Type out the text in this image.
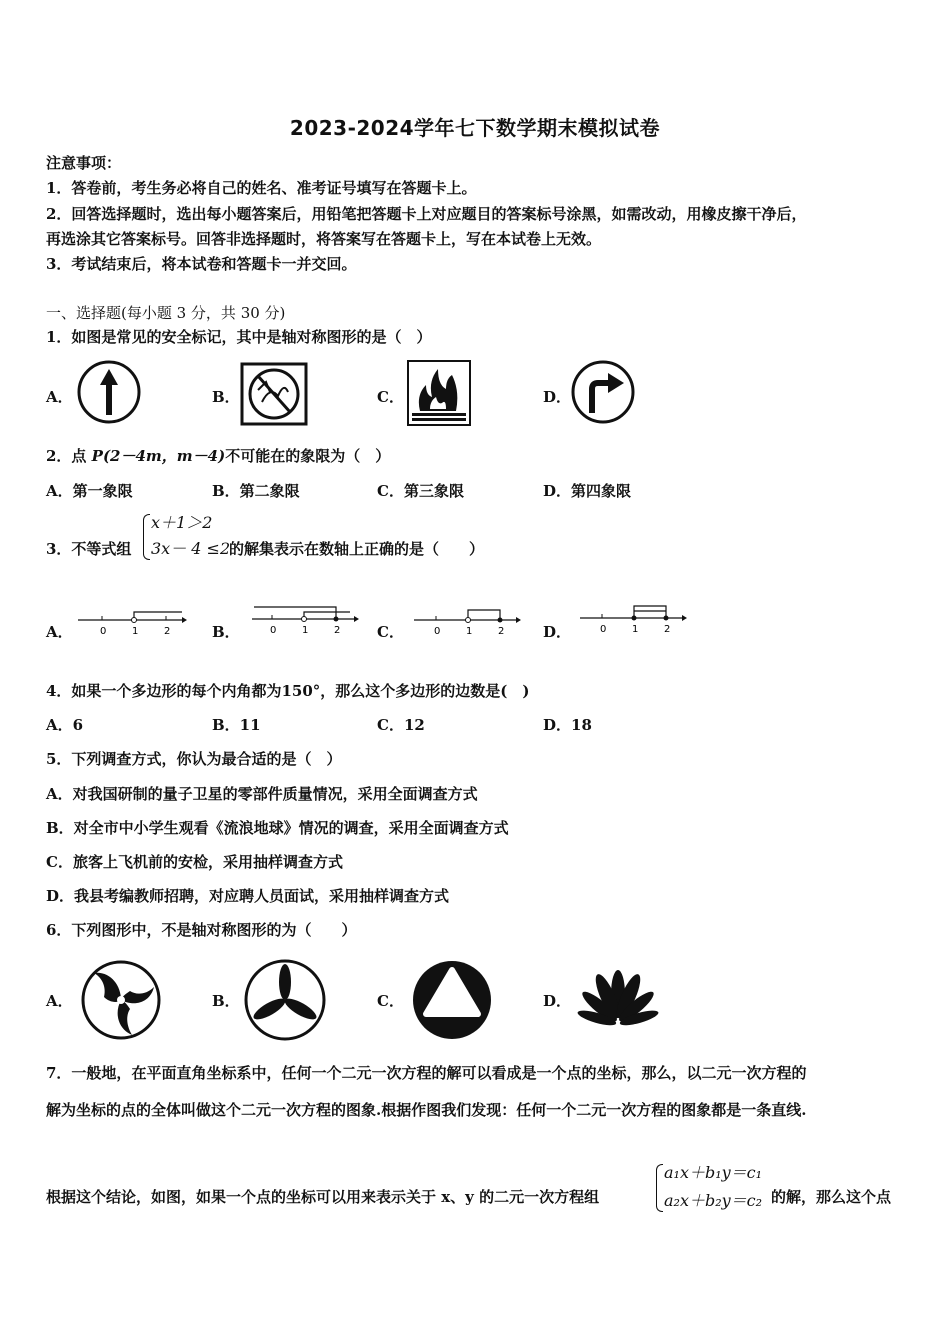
2023-2024学年七下数学期末模拟试卷
注意事项：
1．答卷前，考生务必将自己的姓名、准考证号填写在答题卡上。
2．回答选择题时，选出每小题答案后，用铅笔把答题卡上对应题目的答案标号涂黑，如需改动，用橡皮擦干净后，
再选涂其它答案标号。回答非选择题时，将答案写在答题卡上，写在本试卷上无效。
3．考试结束后，将本试卷和答题卡一并交回。
一、选择题(每小题 3 分，共 30 分)
1．如图是常见的安全标记，其中是轴对称图形的是（　）
A．	B．	C．	D．
2．点 P(2－4m，m－4)不可能在的象限为（　）
A．第一象限	B．第二象限	C．第三象限	D．第四象限
3．不等式组
x＋1＞2
3x－ 4 ≤2
的解集表示在数轴上正确的是（　　）
A．	B．	C．	D．
0	1	2	0	1	2	0	1	2	0	1	2
4．如果一个多边形的每个内角都为150°，那么这个多边形的边数是(　)
A．6	B．11	C．12	D．18
5．下列调查方式，你认为最合适的是（　）
A．对我国研制的量子卫星的零部件质量情况，采用全面调查方式
B．对全市中小学生观看《流浪地球》情况的调查，采用全面调查方式
C．旅客上飞机前的安检，采用抽样调查方式
D．我县考编教师招聘，对应聘人员面试，采用抽样调查方式
6．下列图形中，不是轴对称图形的为（　　）
A．	B．	C．	D．
7．一般地，在平面直角坐标系中，任何一个二元一次方程的解可以看成是一个点的坐标，那么，以二元一次方程的
解为坐标的点的全体叫做这个二元一次方程的图象.根据作图我们发现：任何一个二元一次方程的图象都是一条直线.
根据这个结论，如图，如果一个点的坐标可以用来表示关于 x、y 的二元一次方程组
a₁x＋b₁y＝c₁
a₂x＋b₂y＝c₂ 的解，那么这个点
